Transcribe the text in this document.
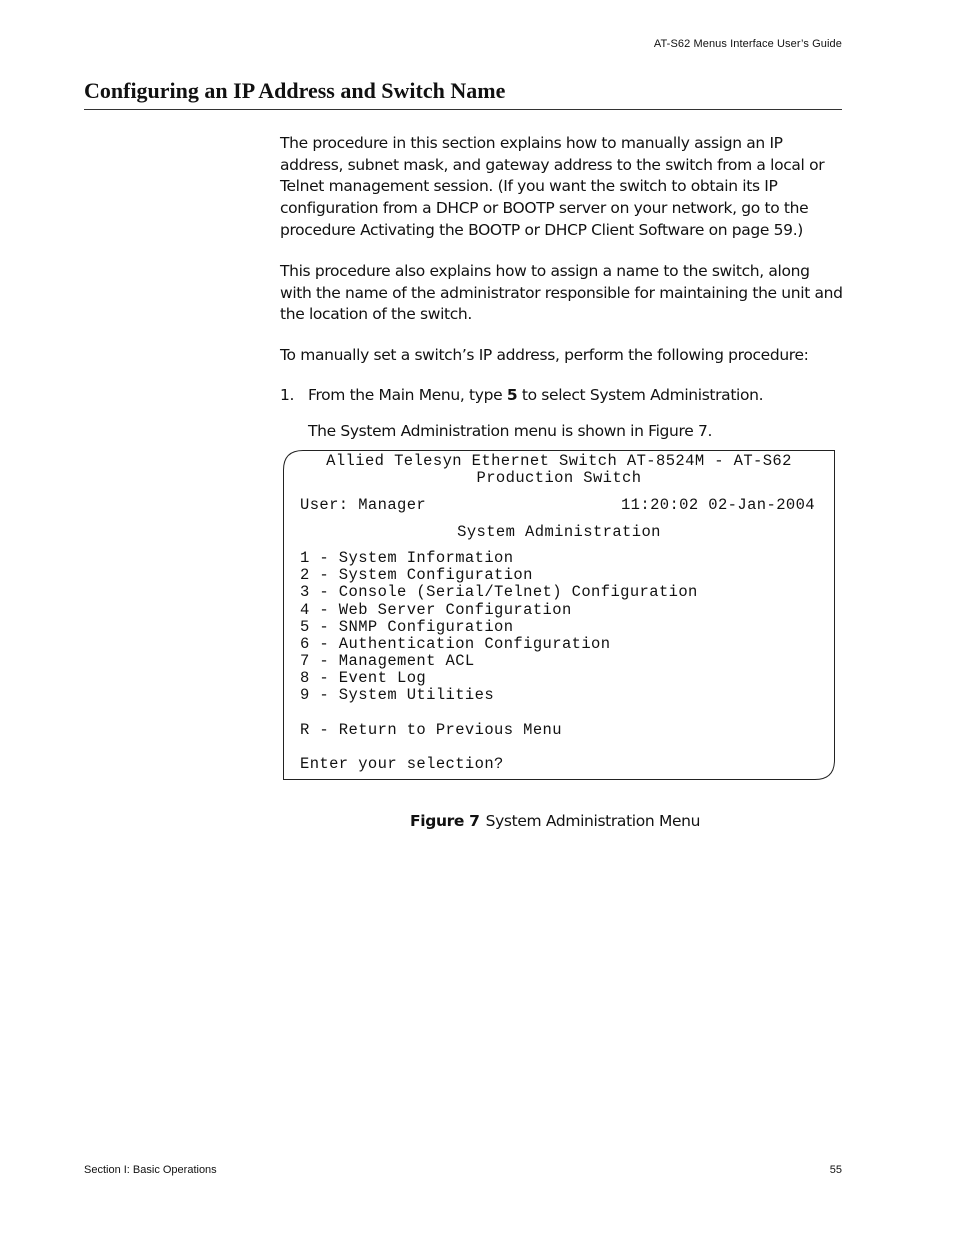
AT-S62 Menus Interface User’s Guide
Configuring an IP Address and Switch Name

The procedure in this section explains how to manually assign an IP address, subnet mask, and gateway address to the switch from a local or Telnet management session. (If you want the switch to obtain its IP configuration from a DHCP or BOOTP server on your network, go to the procedure Activating the BOOTP or DHCP Client Software on page 59.)

This procedure also explains how to assign a name to the switch, along with the name of the administrator responsible for maintaining the unit and the location of the switch.

To manually set a switch’s IP address, perform the following procedure:

1. From the Main Menu, type 5 to select System Administration.
The System Administration menu is shown in Figure 7.
Allied Telesyn Ethernet Switch AT-8524M - AT-S62
Production Switch
User: Manager	11:20:02 02-Jan-2004
System Administration
1 - System Information
2 - System Configuration
3 - Console (Serial/Telnet) Configuration
4 - Web Server Configuration
5 - SNMP Configuration
6 - Authentication Configuration
7 - Management ACL
8 - Event Log
9 - System Utilities
R - Return to Previous Menu
Enter your selection?
Figure 7 System Administration Menu
Section I: Basic Operations	55
